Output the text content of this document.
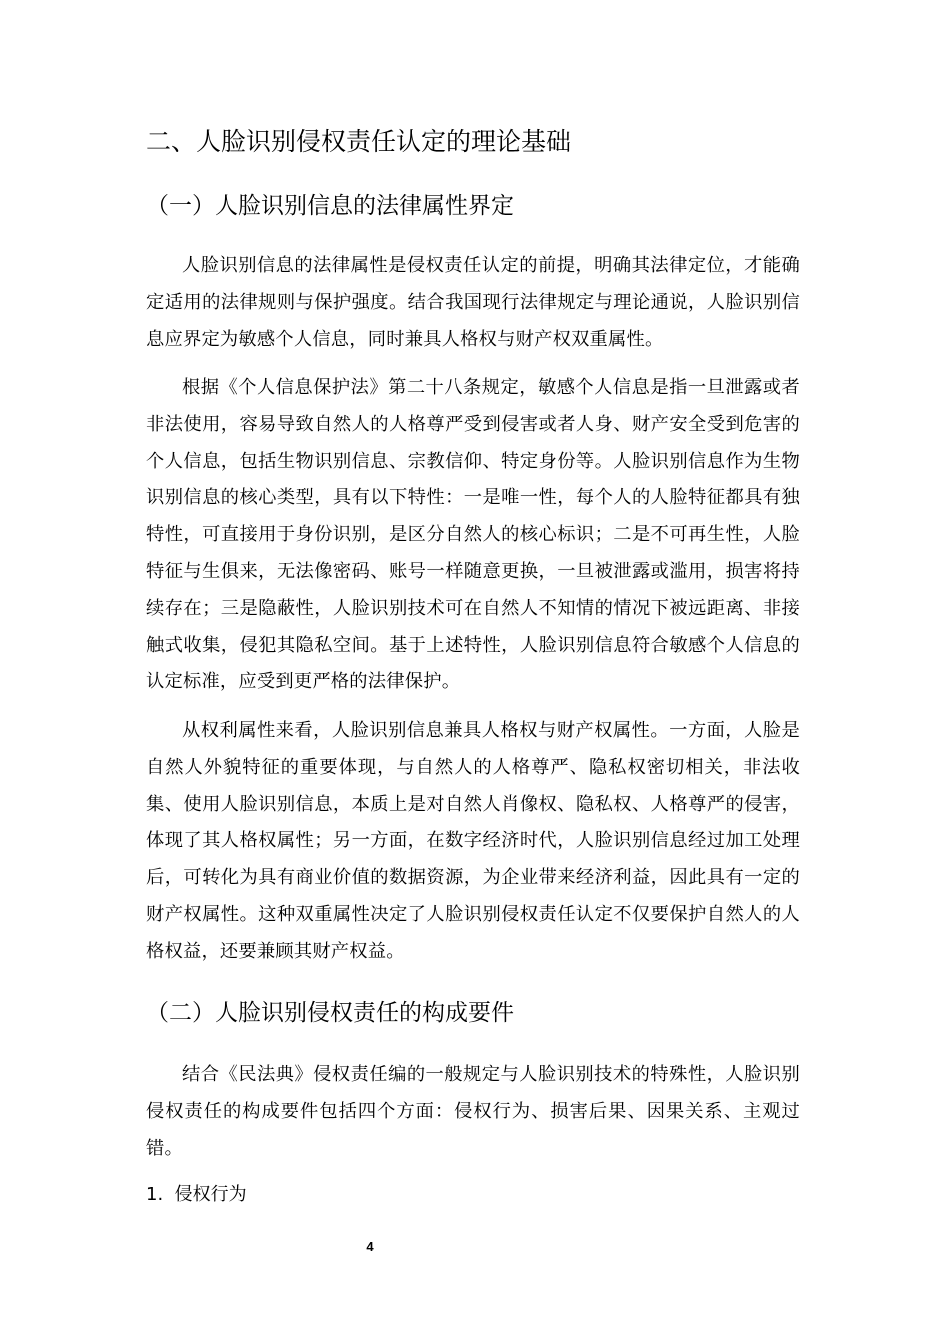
二、人脸识别侵权责任认定的理论基础
（一）人脸识别信息的法律属性界定

人脸识别信息的法律属性是侵权责任认定的前提，明确其法律定位，才能确定适用的法律规则与保护强度。结合我国现行法律规定与理论通说，人脸识别信息应界定为敏感个人信息，同时兼具人格权与财产权双重属性。

根据《个人信息保护法》第二十八条规定，敏感个人信息是指一旦泄露或者非法使用，容易导致自然人的人格尊严受到侵害或者人身、财产安全受到危害的个人信息，包括生物识别信息、宗教信仰、特定身份等。人脸识别信息作为生物识别信息的核心类型，具有以下特性：一是唯一性，每个人的人脸特征都具有独特性，可直接用于身份识别，是区分自然人的核心标识；二是不可再生性，人脸特征与生俱来，无法像密码、账号一样随意更换，一旦被泄露或滥用，损害将持续存在；三是隐蔽性，人脸识别技术可在自然人不知情的情况下被远距离、非接触式收集，侵犯其隐私空间。基于上述特性，人脸识别信息符合敏感个人信息的认定标准，应受到更严格的法律保护。

从权利属性来看，人脸识别信息兼具人格权与财产权属性。一方面，人脸是自然人外貌特征的重要体现，与自然人的人格尊严、隐私权密切相关，非法收集、使用人脸识别信息，本质上是对自然人肖像权、隐私权、人格尊严的侵害，体现了其人格权属性；另一方面，在数字经济时代，人脸识别信息经过加工处理后，可转化为具有商业价值的数据资源，为企业带来经济利益，因此具有一定的财产权属性。这种双重属性决定了人脸识别侵权责任认定不仅要保护自然人的人格权益，还要兼顾其财产权益。

（二）人脸识别侵权责任的构成要件

结合《民法典》侵权责任编的一般规定与人脸识别技术的特殊性，人脸识别侵权责任的构成要件包括四个方面：侵权行为、损害后果、因果关系、主观过错。

1. 侵权行为
4
